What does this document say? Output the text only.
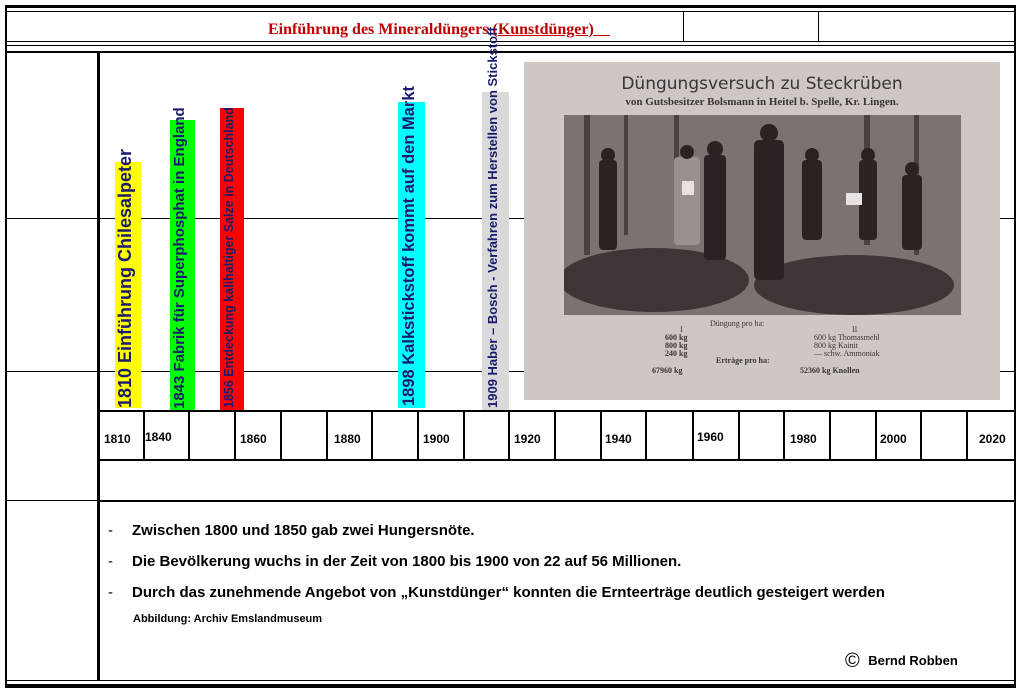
Einführung des Mineraldüngers (Kunstdünger)
1810 Einführung Chilesalpeter 1843 Fabrik für Superphosphat in England	1856 Entdeckung kalihaltiger Salze in Deutschland	1898 Kalkstickstoff kommt auf den Markt	1909 Haber – Bosch - Verfahren zum Herstellen von Stickstoff	Düngungsversuch zu Steckrüben
von Gutsbesitzer Bolsmann in Heitel b. Spelle, Kr. Lingen.
Düngung pro ha:
I	II
600 kg
800 kg
240 kg
600 kg Thomasmehl
800 kg Kainit
— schw. Ammoniak
Erträge pro ha:
67960 kg	52360 kg Knollen
1810 1840	1860	1880	1900	1920	1940	1960	1980	2000	2020
- Zwischen 1800 und 1850 gab zwei Hungersnöte.
- Die Bevölkerung wuchs in der Zeit von 1800 bis 1900 von 22 auf 56 Millionen.
- Durch das zunehmende Angebot von „Kunstdünger“ konnten die Ernteerträge deutlich gesteigert werden
Abbildung: Archiv Emslandmuseum
© Bernd Robben
